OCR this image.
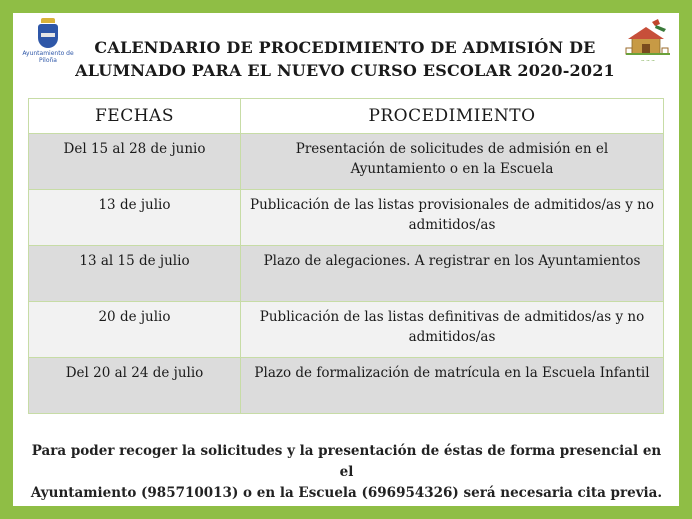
Ayuntamiento de Piloña	~ ~ ~
CALENDARIO DE PROCEDIMIENTO DE ADMISIÓN DE
ALUMNADO PARA EL NUEVO CURSO ESCOLAR 2020-2021
FECHAS	PROCEDIMIENTO
Del 15 al 28 de junio	Presentación de solicitudes de admisión en el Ayuntamiento o en la Escuela
13 de julio	Publicación de las listas provisionales de admitidos/as y no admitidos/as
13 al 15 de julio	Plazo de alegaciones. A registrar en los Ayuntamientos
20 de julio	Publicación de las listas definitivas de admitidos/as y no admitidos/as
Del 20 al 24 de julio	Plazo de formalización de matrícula en la Escuela Infantil
Para poder recoger la solicitudes y la presentación de éstas de forma presencial en el
Ayuntamiento (985710013) o en la Escuela (696954326) será necesaria cita previa.
